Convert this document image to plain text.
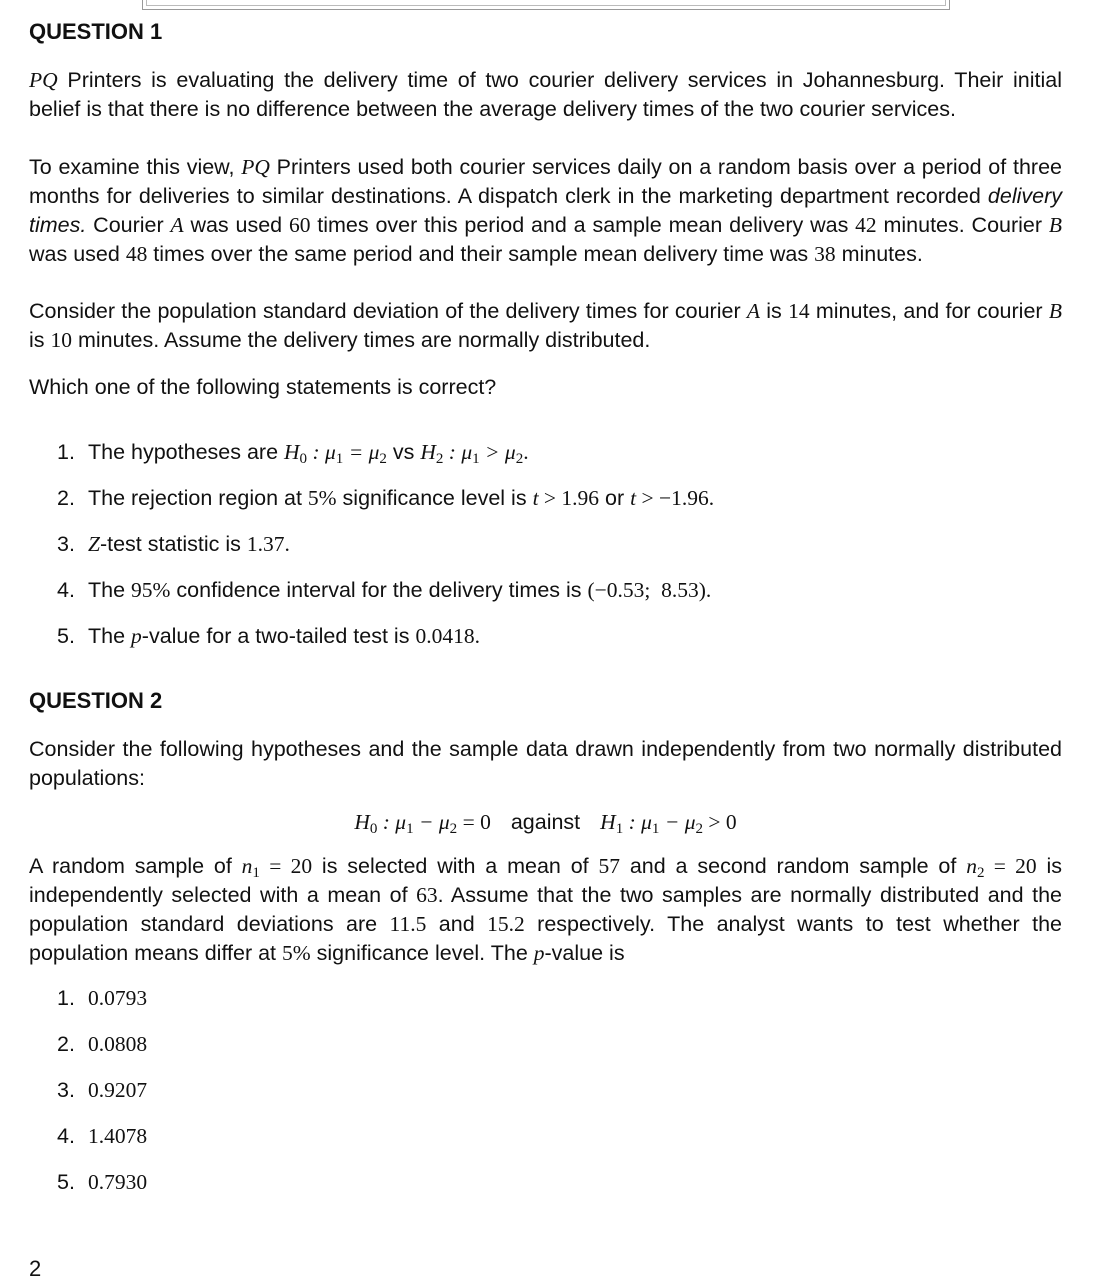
QUESTION 1

PQ Printers is evaluating the delivery time of two courier delivery services in Johannesburg. Their initial belief is that there is no difference between the average delivery times of the two courier services.

To examine this view, PQ Printers used both courier services daily on a random basis over a period of three months for deliveries to similar destinations. A dispatch clerk in the marketing department recorded delivery times. Courier A was used 60 times over this period and a sample mean delivery was 42 minutes. Courier B was used 48 times over the same period and their sample mean delivery time was 38 minutes.

Consider the population standard deviation of the delivery times for courier A is 14 minutes, and for courier B is 10 minutes. Assume the delivery times are normally distributed.

Which one of the following statements is correct?

1. The hypotheses are $H_0$ : $\mu_1 = \mu_2$ vs $H_2$ : $\mu_1 > \mu_2$.
2. The rejection region at 5% significance level is t > 1.96 or t > −1.96.
3. Z-test statistic is 1.37.
4. The 95% confidence interval for the delivery times is (−0.53;  8.53).
5. The p-value for a two-tailed test is 0.0418.
QUESTION 2

Consider the following hypotheses and the sample data drawn independently from two normally distributed populations:

$H_0$ : $\mu_1 - \mu_2 = 0$ against $H_1$ : $\mu_1 - \mu_2 > 0$

A random sample of $n_1 = 20$ is selected with a mean of 57 and a second random sample of $n_2 = 20$ is independently selected with a mean of 63. Assume that the two samples are normally distributed and the population standard deviations are 11.5 and 15.2 respectively. The analyst wants to test whether the population means differ at 5% significance level. The p-value is

1. 0.0793
2. 0.0808
3. 0.9207
4. 1.4078
5. 0.7930
2
